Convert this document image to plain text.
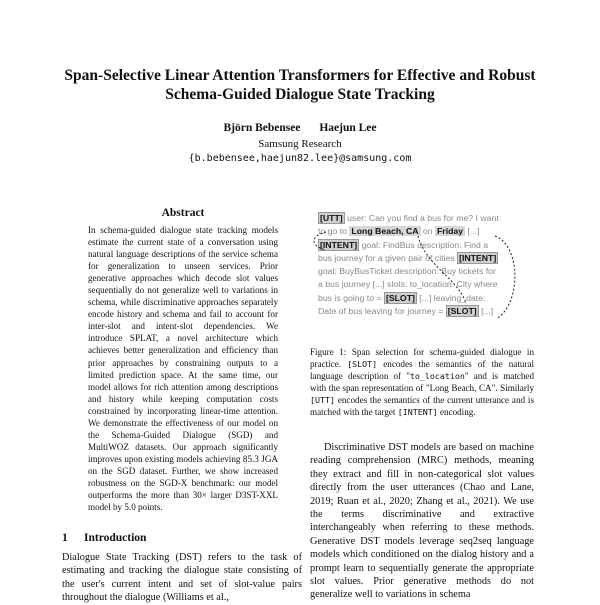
Span-Selective Linear Attention Transformers for Effective and Robust Schema-Guided Dialogue State Tracking
Björn Bebensee Haejun Lee
Samsung Research
{b.bebensee,haejun82.lee}@samsung.com
Abstract
In schema-guided dialogue state tracking models estimate the current state of a conversation using natural language descriptions of the service schema for generalization to unseen services. Prior generative approaches which decode slot values sequentially do not generalize well to variations in schema, while discriminative approaches separately encode history and schema and fail to account for inter-slot and intent-slot dependencies. We introduce SPLAT, a novel architecture which achieves better generalization and efficiency than prior approaches by constraining outputs to a limited prediction space. At the same time, our model allows for rich attention among descriptions and history while keeping computation costs constrained by incorporating linear-time attention. We demonstrate the effectiveness of our model on the Schema-Guided Dialogue (SGD) and MultiWOZ datasets. Our approach significantly improves upon existing models achieving 85.3 JGA on the SGD dataset. Further, we show increased robustness on the SGD-X benchmark: our model outperforms the more than 30× larger D3ST-XXL model by 5.0 points.
1 Introduction
Dialogue State Tracking (DST) refers to the task of estimating and tracking the dialogue state consisting of the user's current intent and set of slot-value pairs throughout the dialogue (Williams et al.,
[UTT] user: Can you find a bus for me? I want
to go to Long Beach, CA on Friday [...]
[INTENT] goal: FindBus description: Find a
bus journey for a given pair of cities [INTENT]
goal: BuyBusTicket description: Buy tickets for
a bus journey [...] slots: to_location: City where
bus is going to = [SLOT] [...] leaving_date:
Date of bus leaving for journey = [SLOT] [...]
Figure 1: Span selection for schema-guided dialogue in practice. [SLOT] encodes the semantics of the natural language description of "to_location" and is matched with the span representation of "Long Beach, CA". Similarly [UTT] encodes the semantics of the current utterance and is matched with the target [INTENT] encoding.

Discriminative DST models are based on machine reading comprehension (MRC) methods, meaning they extract and fill in non-categorical slot values directly from the user utterances (Chao and Lane, 2019; Ruan et al., 2020; Zhang et al., 2021). We use the terms discriminative and extractive interchangeably when referring to these methods. Generative DST models leverage seq2seq language models which conditioned on the dialog history and a prompt learn to sequentially generate the appropriate slot values. Prior generative methods do not generalize well to variations in schema
